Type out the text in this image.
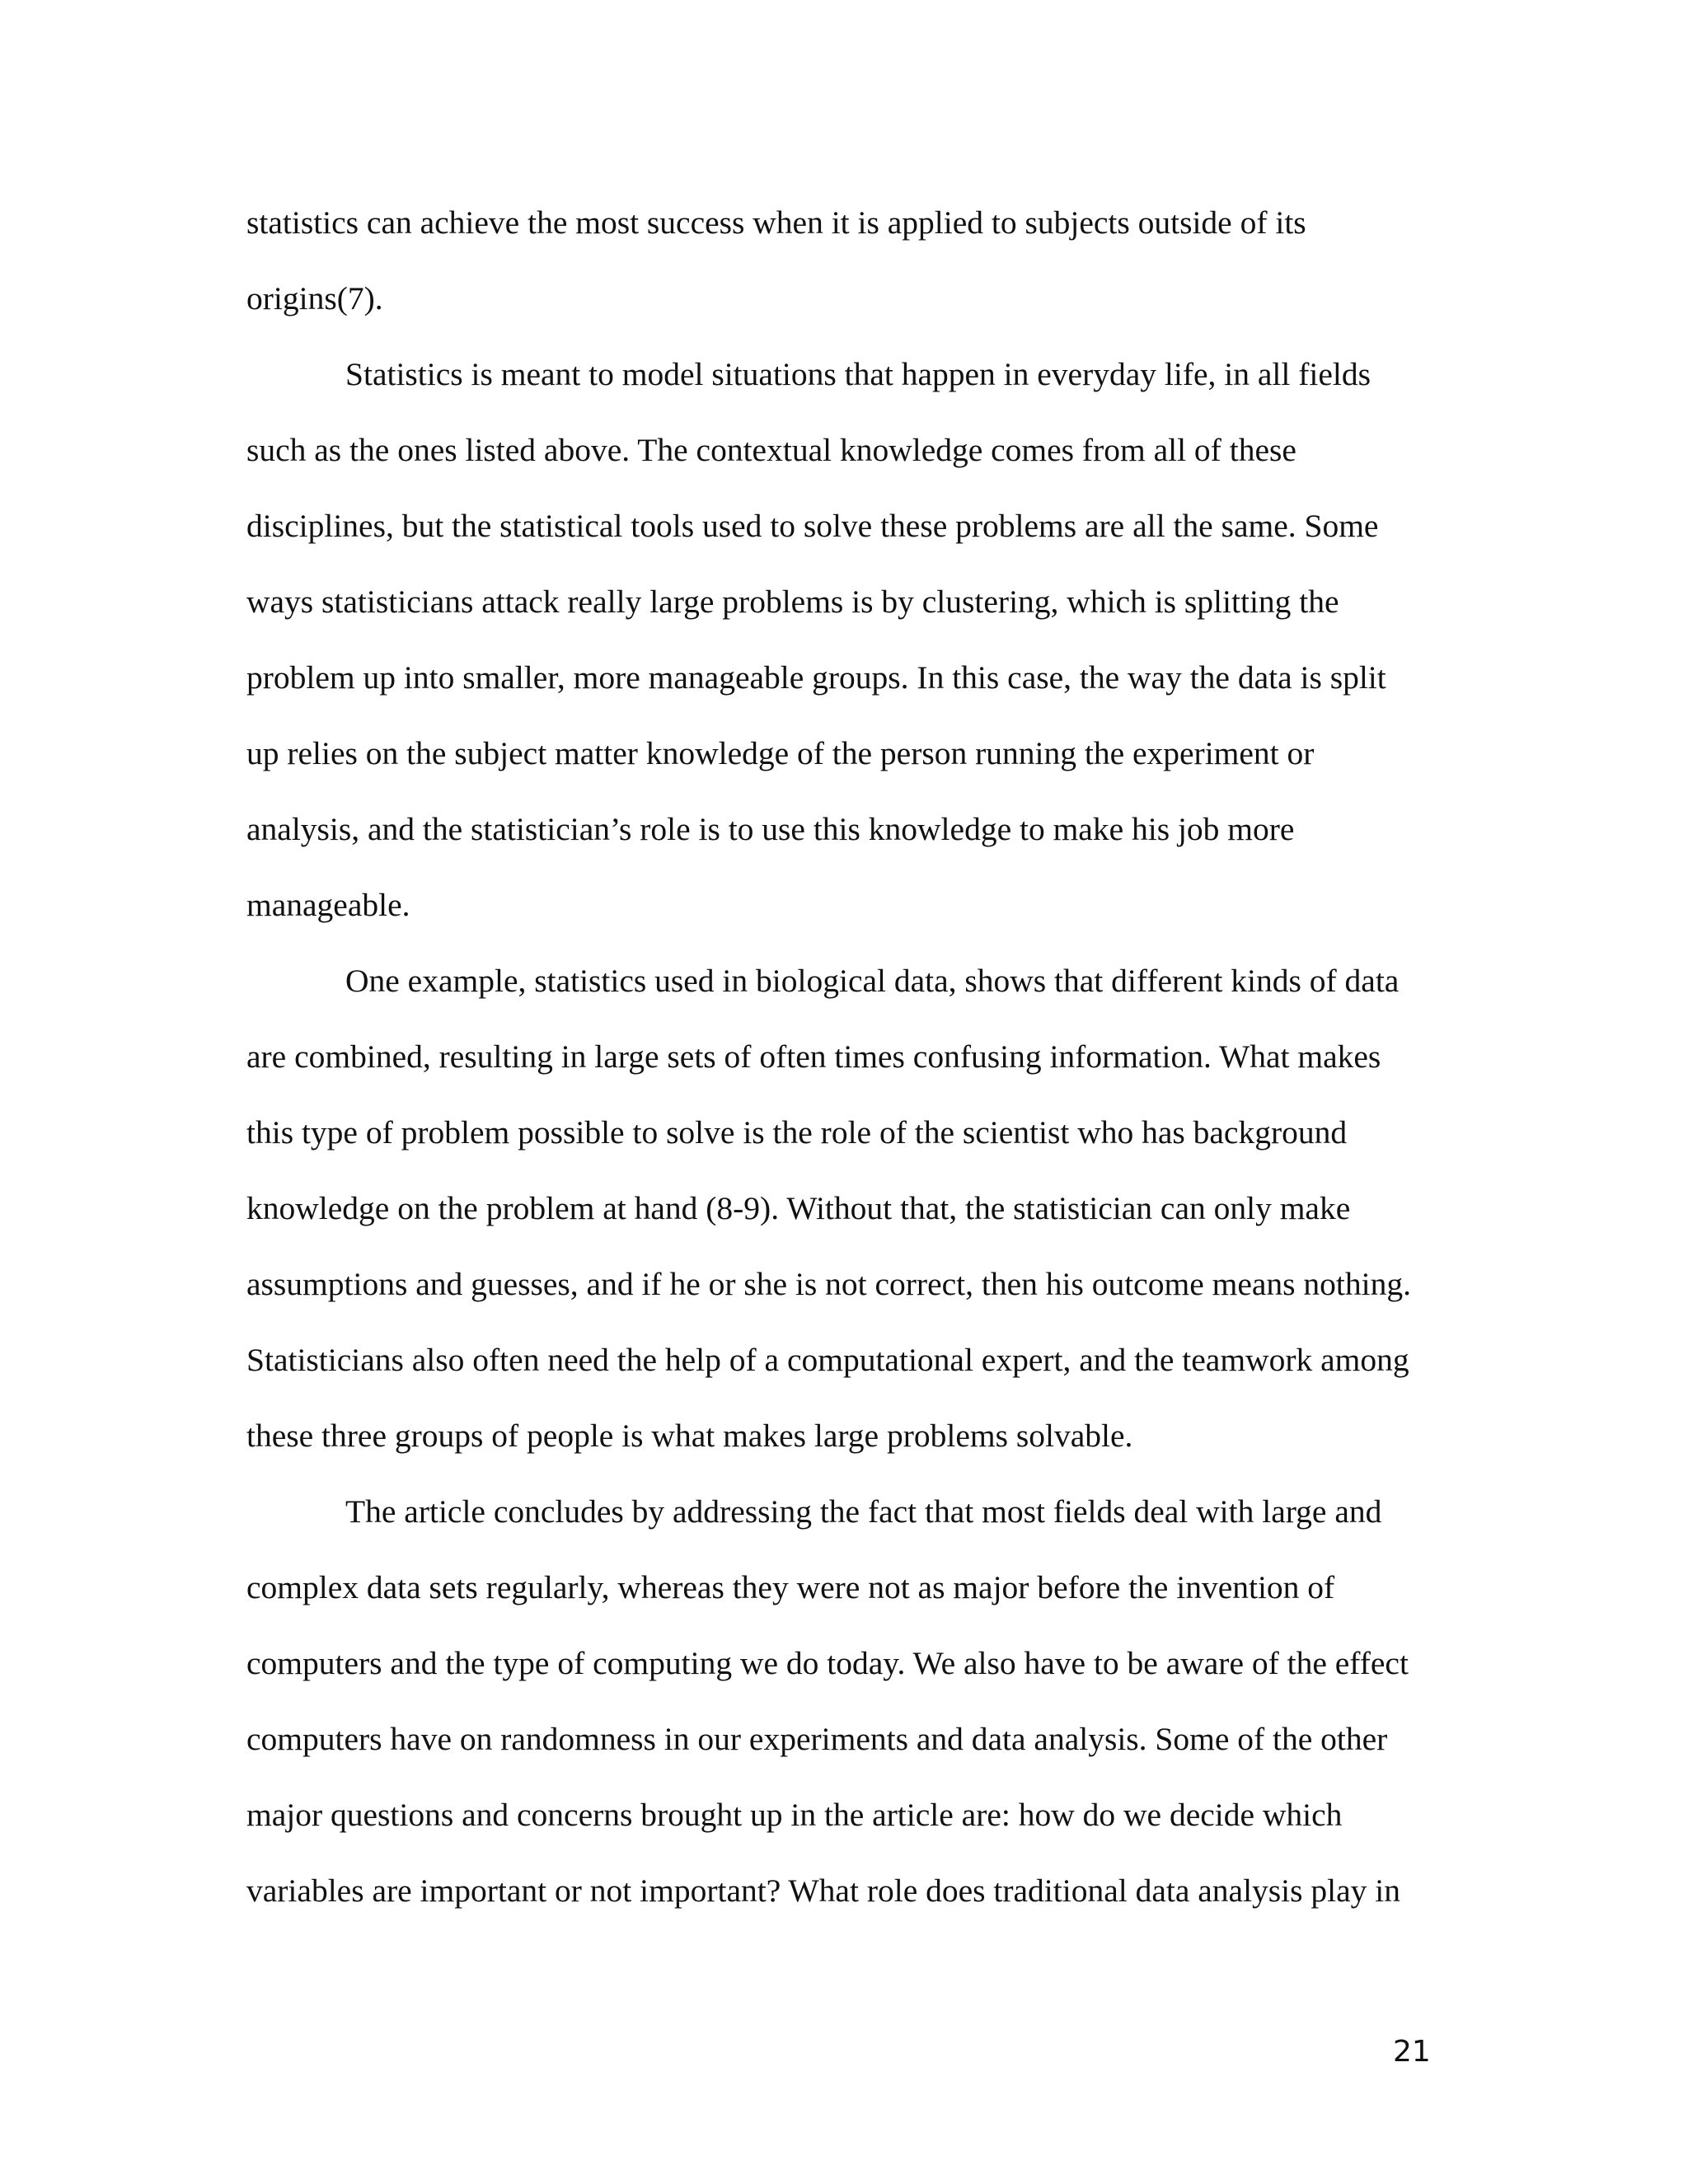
statistics can achieve the most success when it is applied to subjects outside of its
origins(7).

Statistics is meant to model situations that happen in everyday life, in all fields
such as the ones listed above. The contextual knowledge comes from all of these
disciplines, but the statistical tools used to solve these problems are all the same. Some
ways statisticians attack really large problems is by clustering, which is splitting the
problem up into smaller, more manageable groups. In this case, the way the data is split
up relies on the subject matter knowledge of the person running the experiment or
analysis, and the statistician’s role is to use this knowledge to make his job more
manageable.

One example, statistics used in biological data, shows that different kinds of data
are combined, resulting in large sets of often times confusing information. What makes
this type of problem possible to solve is the role of the scientist who has background
knowledge on the problem at hand (8-9). Without that, the statistician can only make
assumptions and guesses, and if he or she is not correct, then his outcome means nothing.
Statisticians also often need the help of a computational expert, and the teamwork among
these three groups of people is what makes large problems solvable.

The article concludes by addressing the fact that most fields deal with large and
complex data sets regularly, whereas they were not as major before the invention of
computers and the type of computing we do today. We also have to be aware of the effect
computers have on randomness in our experiments and data analysis. Some of the other
major questions and concerns brought up in the article are: how do we decide which
variables are important or not important? What role does traditional data analysis play in

21
